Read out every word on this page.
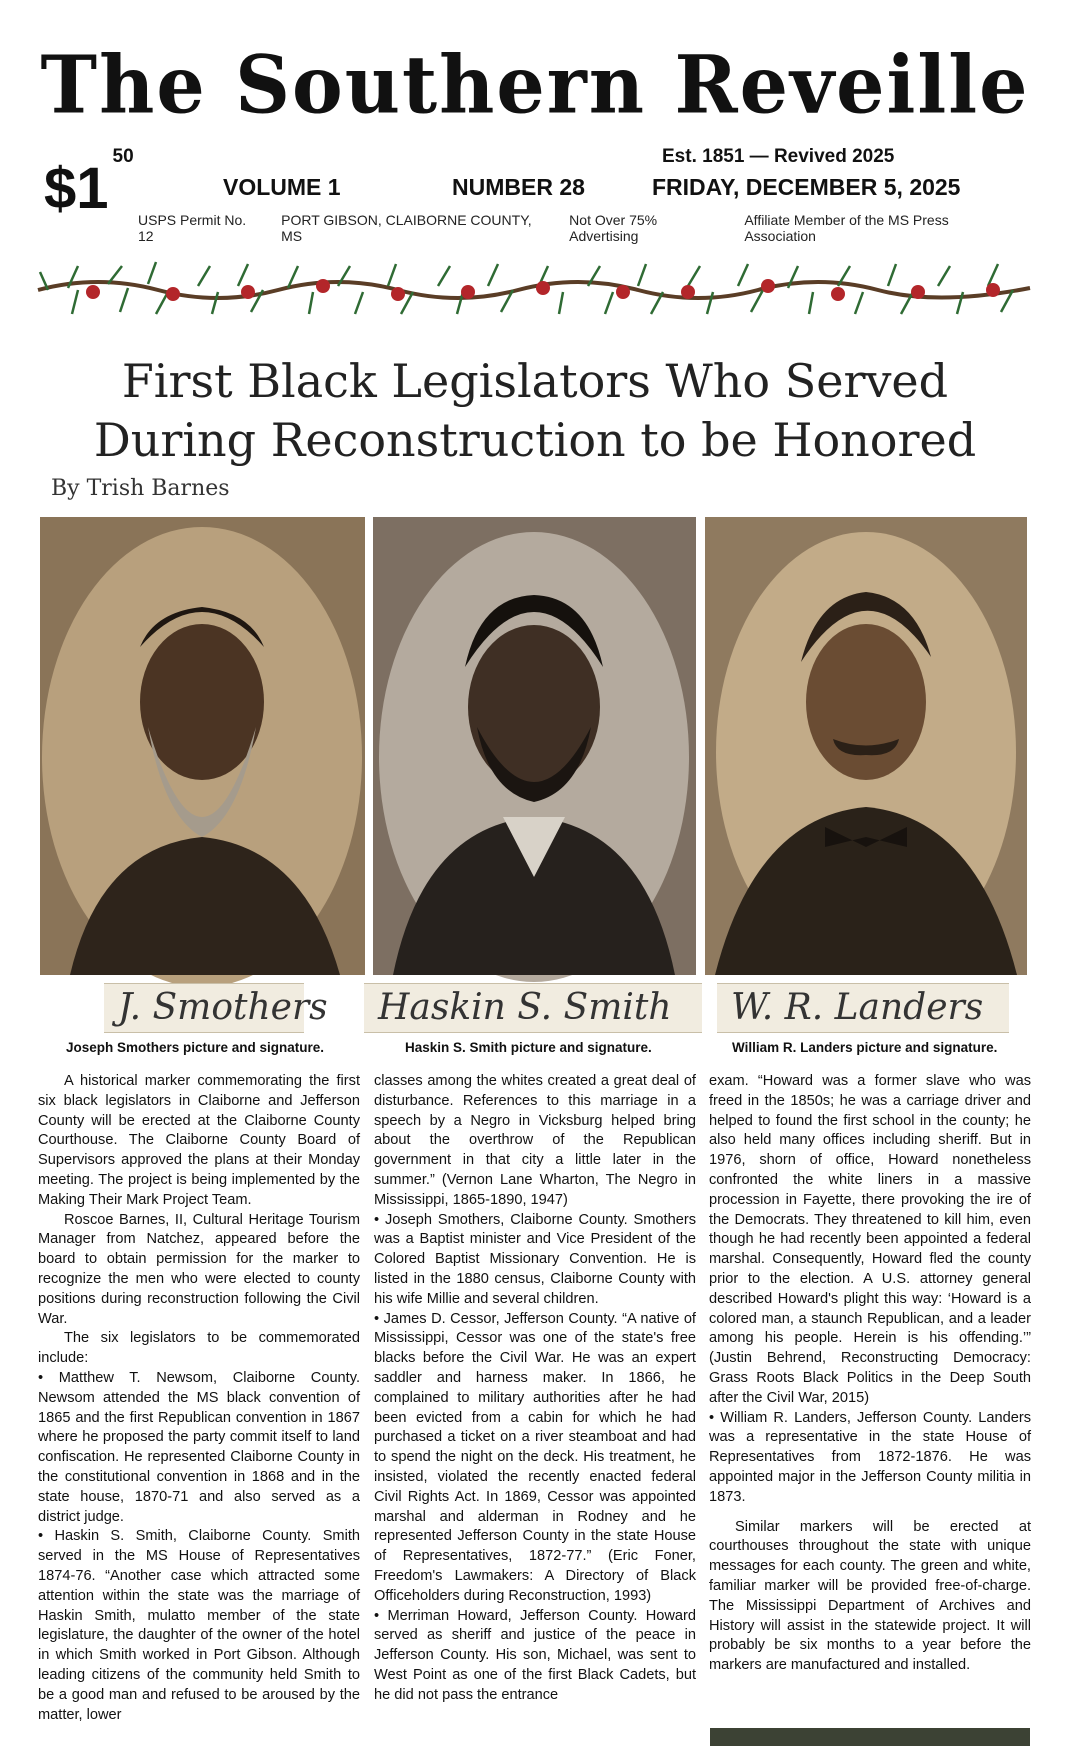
The Southern Reveille
Est. 1851 — Revived 2025
$1 $^{50}$
VOLUME 1	NUMBER 28	FRIDAY, DECEMBER 5, 2025
USPS Permit No. 12
PORT GIBSON, CLAIBORNE COUNTY, MS
Not Over 75% Advertising
Affiliate Member of the MS Press Association
First Black Legislators Who Served
During Reconstruction to be Honored
By Trish Barnes
J. Smothers	Haskin S. Smith	W. R. Landers
Joseph Smothers picture and signature.	Haskin S. Smith picture and signature.	William R. Landers picture and signature.

A historical marker commemorating the first six black legislators in Claiborne and Jefferson County will be erected at the Claiborne County Courthouse. The Claiborne County Board of Supervisors approved the plans at their Monday meeting. The project is being implemented by the Making Their Mark Project Team.

Roscoe Barnes, II, Cultural Heritage Tourism Manager from Natchez, appeared before the board to obtain permission for the marker to recognize the men who were elected to county positions during reconstruction following the Civil War.

The six legislators to be commemorated include:

• Matthew T. Newsom, Claiborne County. Newsom attended the MS black convention of 1865 and the first Republican convention in 1867 where he proposed the party commit itself to land confiscation. He represented Claiborne County in the constitutional convention in 1868 and in the state house, 1870-71 and also served as a district judge.

• Haskin S. Smith, Claiborne County. Smith served in the MS House of Representatives 1874-76. “Another case which attracted some attention within the state was the marriage of Haskin Smith, mulatto member of the state legislature, the daughter of the owner of the hotel in which Smith worked in Port Gibson. Although leading citizens of the community held Smith to be a good man and refused to be aroused by the matter, lower

classes among the whites created a great deal of disturbance. References to this marriage in a speech by a Negro in Vicksburg helped bring about the overthrow of the Republican government in that city a little later in the summer.” (Vernon Lane Wharton, The Negro in Mississippi, 1865-1890, 1947)

• Joseph Smothers, Claiborne County. Smothers was a Baptist minister and Vice President of the Colored Baptist Missionary Convention. He is listed in the 1880 census, Claiborne County with his wife Millie and several children.

• James D. Cessor, Jefferson County. “A native of Mississippi, Cessor was one of the state's free blacks before the Civil War. He was an expert saddler and harness maker. In 1866, he complained to military authorities after he had been evicted from a cabin for which he had purchased a ticket on a river steamboat and had to spend the night on the deck. His treatment, he insisted, violated the recently enacted federal Civil Rights Act. In 1869, Cessor was appointed marshal and alderman in Rodney and he represented Jefferson County in the state House of Representatives, 1872-77.” (Eric Foner, Freedom's Lawmakers: A Directory of Black Officeholders during Reconstruction, 1993)

• Merriman Howard, Jefferson County. Howard served as sheriff and justice of the peace in Jefferson County. His son, Michael, was sent to West Point as one of the first Black Cadets, but he did not pass the entrance

exam. “Howard was a former slave who was freed in the 1850s; he was a carriage driver and helped to found the first school in the county; he also held many offices including sheriff. But in 1976, shorn of office, Howard nonetheless confronted the white liners in a massive procession in Fayette, there provoking the ire of the Democrats. They threatened to kill him, even though he had recently been appointed a federal marshal. Consequently, Howard fled the county prior to the election. A U.S. attorney general described Howard's plight this way: ‘Howard is a colored man, a staunch Republican, and a leader among his people. Herein is his offending.’” (Justin Behrend, Reconstructing Democracy: Grass Roots Black Politics in the Deep South after the Civil War, 2015)

• William R. Landers, Jefferson County. Landers was a representative in the state House of Representatives from 1872-1876. He was appointed major in the Jefferson County militia in 1873.

Similar markers will be erected at courthouses throughout the state with unique messages for each county. The green and white, familiar marker will be provided free-of-charge. The Mississippi Department of Archives and History will assist in the statewide project. It will probably be six months to a year before the markers are manufactured and installed.
